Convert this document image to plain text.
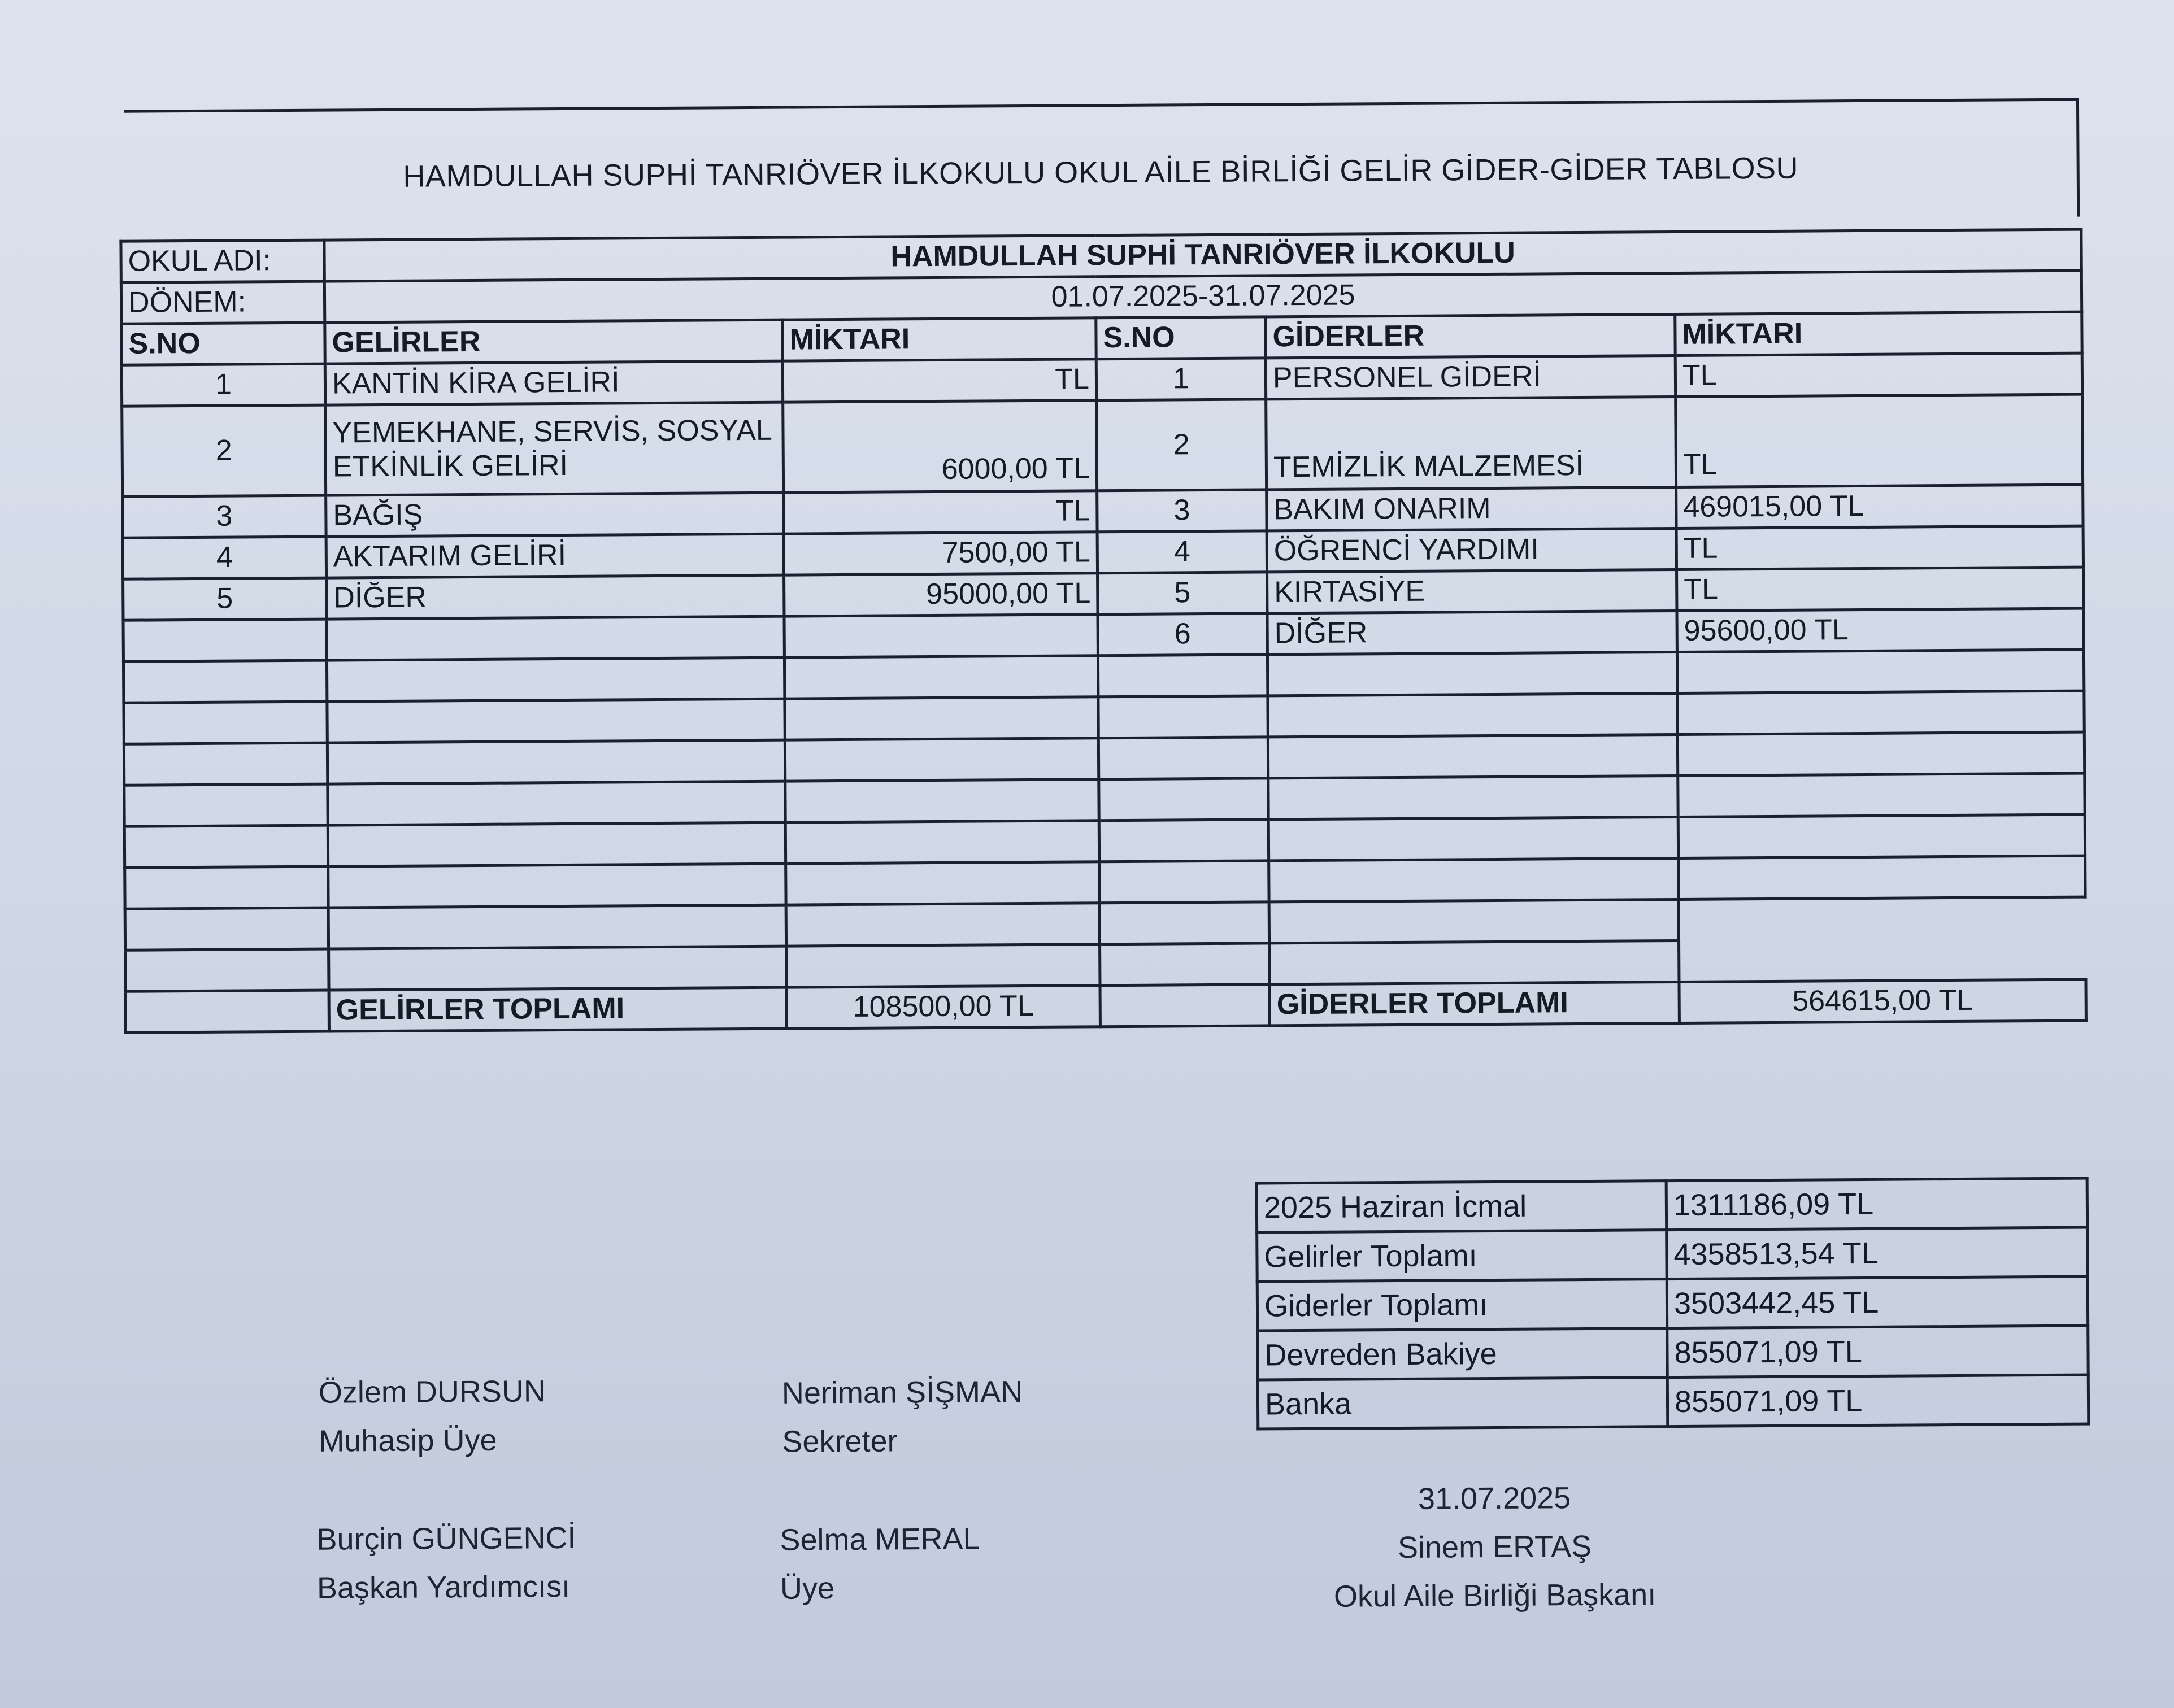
HAMDULLAH SUPHİ TANRIÖVER İLKOKULU OKUL AİLE BİRLİĞİ GELİR GİDER-GİDER TABLOSU
OKUL ADI:	HAMDULLAH SUPHİ TANRIÖVER İLKOKULU				
DÖNEM:	01.07.2025-31.07.2025				
S.NO	GELİRLER	MİKTARI	S.NO	GİDERLER	MİKTARI
1	KANTİN KİRA GELİRİ	TL	1	PERSONEL GİDERİ	TL
2	YEMEKHANE, SERVİS, SOSYAL ETKİNLİK GELİRİ	6000,00 TL	2	TEMİZLİK MALZEMESİ	TL
3	BAĞIŞ	TL	3	BAKIM ONARIM	469015,00 TL
4	AKTARIM GELİRİ	7500,00 TL	4	ÖĞRENCİ YARDIMI	TL
5	DİĞER	95000,00 TL	5	KIRTASİYE	TL
			6	DİĞER	95600,00 TL

	GELİRLER TOPLAMI	108500,00 TL		GİDERLER TOPLAMI	564615,00 TL
2025 Haziran İcmal	1311186,09 TL
Gelirler Toplamı	4358513,54 TL
Giderler Toplamı	3503442,45 TL
Devreden Bakiye	855071,09 TL
Banka	855071,09 TL
Özlem DURSUN
Muhasip Üye
Neriman ŞİŞMAN
Sekreter
Burçin GÜNGENCİ
Başkan Yardımcısı
Selma MERAL
Üye
31.07.2025
Sinem ERTAŞ
Okul Aile Birliği Başkanı
